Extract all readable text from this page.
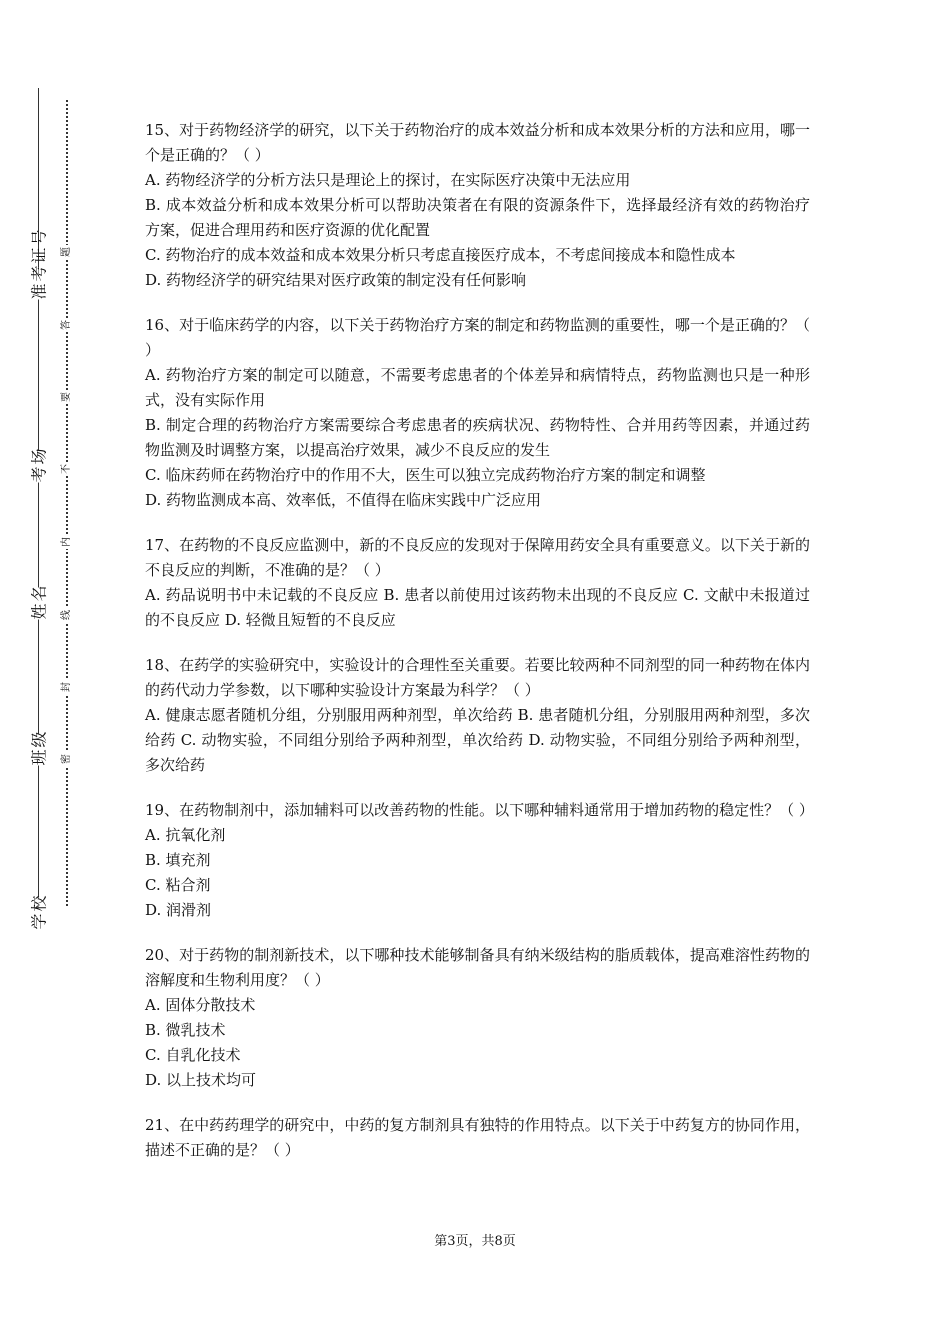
准考证号
考场
姓名
班级
学校
题
答
要
不
内
线
封
密

15、对于药物经济学的研究，以下关于药物治疗的成本效益分析和成本效果分析的方法和应用，哪一个是正确的？（ ）

A. 药物经济学的分析方法只是理论上的探讨，在实际医疗决策中无法应用

B. 成本效益分析和成本效果分析可以帮助决策者在有限的资源条件下，选择最经济有效的药物治疗方案，促进合理用药和医疗资源的优化配置

C. 药物治疗的成本效益和成本效果分析只考虑直接医疗成本，不考虑间接成本和隐性成本

D. 药物经济学的研究结果对医疗政策的制定没有任何影响

16、对于临床药学的内容，以下关于药物治疗方案的制定和药物监测的重要性，哪一个是正确的？（ ）

A. 药物治疗方案的制定可以随意，不需要考虑患者的个体差异和病情特点，药物监测也只是一种形式，没有实际作用

B. 制定合理的药物治疗方案需要综合考虑患者的疾病状况、药物特性、合并用药等因素，并通过药物监测及时调整方案，以提高治疗效果，减少不良反应的发生

C. 临床药师在药物治疗中的作用不大，医生可以独立完成药物治疗方案的制定和调整

D. 药物监测成本高、效率低，不值得在临床实践中广泛应用

17、在药物的不良反应监测中，新的不良反应的发现对于保障用药安全具有重要意义。以下关于新的不良反应的判断，不准确的是？（ ）

A. 药品说明书中未记载的不良反应 B. 患者以前使用过该药物未出现的不良反应 C. 文献中未报道过的不良反应 D. 轻微且短暂的不良反应

18、在药学的实验研究中，实验设计的合理性至关重要。若要比较两种不同剂型的同一种药物在体内的药代动力学参数，以下哪种实验设计方案最为科学？（ ）

A. 健康志愿者随机分组，分别服用两种剂型，单次给药 B. 患者随机分组，分别服用两种剂型，多次给药 C. 动物实验，不同组分别给予两种剂型，单次给药 D. 动物实验，不同组分别给予两种剂型，多次给药

19、在药物制剂中，添加辅料可以改善药物的性能。以下哪种辅料通常用于增加药物的稳定性？（ ）

A. 抗氧化剂

B. 填充剂

C. 粘合剂

D. 润滑剂

20、对于药物的制剂新技术，以下哪种技术能够制备具有纳米级结构的脂质载体，提高难溶性药物的溶解度和生物利用度？（ ）

A. 固体分散技术

B. 微乳技术

C. 自乳化技术

D. 以上技术均可

21、在中药药理学的研究中，中药的复方制剂具有独特的作用特点。以下关于中药复方的协同作用，描述不正确的是？（ ）

第3页，共8页
